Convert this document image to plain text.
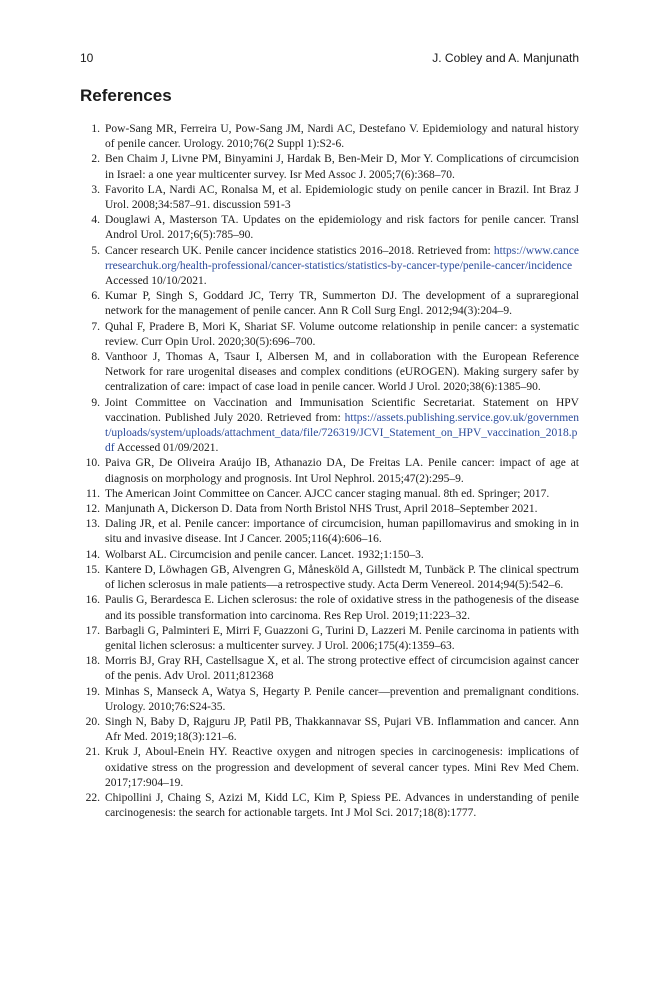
10	J. Cobley and A. Manjunath
References
1. Pow-Sang MR, Ferreira U, Pow-Sang JM, Nardi AC, Destefano V. Epidemiology and natural history of penile cancer. Urology. 2010;76(2 Suppl 1):S2-6.
2. Ben Chaim J, Livne PM, Binyamini J, Hardak B, Ben-Meir D, Mor Y. Complications of circumcision in Israel: a one year multicenter survey. Isr Med Assoc J. 2005;7(6):368–70.
3. Favorito LA, Nardi AC, Ronalsa M, et al. Epidemiologic study on penile cancer in Brazil. Int Braz J Urol. 2008;34:587–91. discussion 591-3
4. Douglawi A, Masterson TA. Updates on the epidemiology and risk factors for penile cancer. Transl Androl Urol. 2017;6(5):785–90.
5. Cancer research UK. Penile cancer incidence statistics 2016–2018. Retrieved from: https://www.cancerresearchuk.org/health-professional/cancer-statistics/statistics-by-cancer-type/penile-cancer/incidence Accessed 10/10/2021.
6. Kumar P, Singh S, Goddard JC, Terry TR, Summerton DJ. The development of a supraregional network for the management of penile cancer. Ann R Coll Surg Engl. 2012;94(3):204–9.
7. Quhal F, Pradere B, Mori K, Shariat SF. Volume outcome relationship in penile cancer: a systematic review. Curr Opin Urol. 2020;30(5):696–700.
8. Vanthoor J, Thomas A, Tsaur I, Albersen M, and in collaboration with the European Reference Network for rare urogenital diseases and complex conditions (eUROGEN). Making surgery safer by centralization of care: impact of case load in penile cancer. World J Urol. 2020;38(6):1385–90.
9. Joint Committee on Vaccination and Immunisation Scientific Secretariat. Statement on HPV vaccination. Published July 2020. Retrieved from: https://assets.publishing.service.gov.uk/government/uploads/system/uploads/attachment_data/file/726319/JCVI_Statement_on_HPV_vaccination_2018.pdf Accessed 01/09/2021.
10. Paiva GR, De Oliveira Araújo IB, Athanazio DA, De Freitas LA. Penile cancer: impact of age at diagnosis on morphology and prognosis. Int Urol Nephrol. 2015;47(2):295–9.
11. The American Joint Committee on Cancer. AJCC cancer staging manual. 8th ed. Springer; 2017.
12. Manjunath A, Dickerson D. Data from North Bristol NHS Trust, April 2018–September 2021.
13. Daling JR, et al. Penile cancer: importance of circumcision, human papillomavirus and smoking in in situ and invasive disease. Int J Cancer. 2005;116(4):606–16.
14. Wolbarst AL. Circumcision and penile cancer. Lancet. 1932;1:150–3.
15. Kantere D, Löwhagen GB, Alvengren G, Månesköld A, Gillstedt M, Tunbäck P. The clinical spectrum of lichen sclerosus in male patients—a retrospective study. Acta Derm Venereol. 2014;94(5):542–6.
16. Paulis G, Berardesca E. Lichen sclerosus: the role of oxidative stress in the pathogenesis of the disease and its possible transformation into carcinoma. Res Rep Urol. 2019;11:223–32.
17. Barbagli G, Palminteri E, Mirri F, Guazzoni G, Turini D, Lazzeri M. Penile carcinoma in patients with genital lichen sclerosus: a multicenter survey. J Urol. 2006;175(4):1359–63.
18. Morris BJ, Gray RH, Castellsague X, et al. The strong protective effect of circumcision against cancer of the penis. Adv Urol. 2011;812368
19. Minhas S, Manseck A, Watya S, Hegarty P. Penile cancer—prevention and premalignant conditions. Urology. 2010;76:S24-35.
20. Singh N, Baby D, Rajguru JP, Patil PB, Thakkannavar SS, Pujari VB. Inflammation and cancer. Ann Afr Med. 2019;18(3):121–6.
21. Kruk J, Aboul-Enein HY. Reactive oxygen and nitrogen species in carcinogenesis: implications of oxidative stress on the progression and development of several cancer types. Mini Rev Med Chem. 2017;17:904–19.
22. Chipollini J, Chaing S, Azizi M, Kidd LC, Kim P, Spiess PE. Advances in understanding of penile carcinogenesis: the search for actionable targets. Int J Mol Sci. 2017;18(8):1777.
